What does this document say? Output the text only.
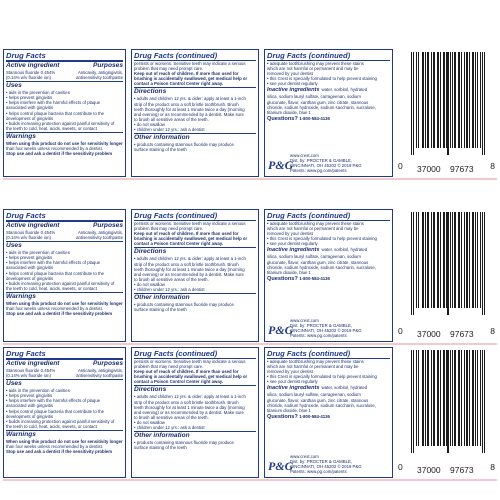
Drug Facts
Active ingredient	Purposes
Stannous fluoride 0.454%	Anticavity, antigingivitis,
(0.14% w/v fluoride ion)	antisensitivity toothpaste
Uses
• aids in the prevention of cavities
• helps prevent gingivitis
• helps interfere with the harmful effects of plaque
associated with gingivitis
• helps control plaque bacteria that contribute to the
development of gingivitis
• builds increasing protection against painful sensitivity of
the teeth to cold, heat, acids, sweets, or contact
Warnings
When using this product do not use for sensitivity longer
than four weeks unless recommended by a dentist.
Stop use and ask a dentist if the sensitivity problem
Drug Facts (continued)
persists or worsens. Sensitive teeth may indicate a serious
problem that may need prompt care.
Keep out of reach of children. If more than used for
brushing is accidentally swallowed, get medical help or
contact a Poison Control Center right away.
Directions
• adults and children 12 yrs. & older: apply at least a 1-inch
strip of the product onto a soft bristle toothbrush. Brush
teeth thoroughly for at least 1 minute twice a day (morning
and evening) or as recommended by a dentist. Make sure
to brush all sensitive areas of the teeth.
• do not swallow
• children under 12 yrs.: ask a dentist
Other information
• products containing stannous fluoride may produce
surface staining of the teeth
Drug Facts (continued)
• adequate toothbrushing may prevent these stains
which are not harmful or permanent and may be
removed by your dentist
• this Crest is specially formulated to help prevent staining
• see your dentist regularly
Inactive ingredients water, sorbitol, hydrated
silica, sodium lauryl sulfate, carrageenan, sodium
gluconate, flavor, xanthan gum, zinc citrate, stannous
chloride, sodium hydroxide, sodium saccharin, sucralose,
titanium dioxide, blue 1
Questions? 1-800-584-4136
P&G
www.crest.com
Dist. by: PROCTER & GAMBLE,
CINCINNATI, OH 45202 © 2019 P&G
Patents: www.pg.com/patents	0 37000 97673 8
Drug Facts
Active ingredient	Purposes
Stannous fluoride 0.454%	Anticavity, antigingivitis,
(0.14% w/v fluoride ion)	antisensitivity toothpaste
Uses
• aids in the prevention of cavities
• helps prevent gingivitis
• helps interfere with the harmful effects of plaque
associated with gingivitis
• helps control plaque bacteria that contribute to the
development of gingivitis
• builds increasing protection against painful sensitivity of
the teeth to cold, heat, acids, sweets, or contact
Warnings
When using this product do not use for sensitivity longer
than four weeks unless recommended by a dentist.
Stop use and ask a dentist if the sensitivity problem
Drug Facts (continued)
persists or worsens. Sensitive teeth may indicate a serious
problem that may need prompt care.
Keep out of reach of children. If more than used for
brushing is accidentally swallowed, get medical help or
contact a Poison Control Center right away.
Directions
• adults and children 12 yrs. & older: apply at least a 1-inch
strip of the product onto a soft bristle toothbrush. Brush
teeth thoroughly for at least 1 minute twice a day (morning
and evening) or as recommended by a dentist. Make sure
to brush all sensitive areas of the teeth.
• do not swallow
• children under 12 yrs.: ask a dentist
Other information
• products containing stannous fluoride may produce
surface staining of the teeth
Drug Facts (continued)
• adequate toothbrushing may prevent these stains
which are not harmful or permanent and may be
removed by your dentist
• this Crest is specially formulated to help prevent staining
• see your dentist regularly
Inactive ingredients water, sorbitol, hydrated
silica, sodium lauryl sulfate, carrageenan, sodium
gluconate, flavor, xanthan gum, zinc citrate, stannous
chloride, sodium hydroxide, sodium saccharin, sucralose,
titanium dioxide, blue 1
Questions? 1-800-584-4136
P&G
www.crest.com
Dist. by: PROCTER & GAMBLE,
CINCINNATI, OH 45202 © 2019 P&G
Patents: www.pg.com/patents	0 37000 97673 8
Drug Facts
Active ingredient	Purposes
Stannous fluoride 0.454%	Anticavity, antigingivitis,
(0.14% w/v fluoride ion)	antisensitivity toothpaste
Uses
• aids in the prevention of cavities
• helps prevent gingivitis
• helps interfere with the harmful effects of plaque
associated with gingivitis
• helps control plaque bacteria that contribute to the
development of gingivitis
• builds increasing protection against painful sensitivity of
the teeth to cold, heat, acids, sweets, or contact
Warnings
When using this product do not use for sensitivity longer
than four weeks unless recommended by a dentist.
Stop use and ask a dentist if the sensitivity problem
Drug Facts (continued)
persists or worsens. Sensitive teeth may indicate a serious
problem that may need prompt care.
Keep out of reach of children. If more than used for
brushing is accidentally swallowed, get medical help or
contact a Poison Control Center right away.
Directions
• adults and children 12 yrs. & older: apply at least a 1-inch
strip of the product onto a soft bristle toothbrush. Brush
teeth thoroughly for at least 1 minute twice a day (morning
and evening) or as recommended by a dentist. Make sure
to brush all sensitive areas of the teeth.
• do not swallow
• children under 12 yrs.: ask a dentist
Other information
• products containing stannous fluoride may produce
surface staining of the teeth
Drug Facts (continued)
• adequate toothbrushing may prevent these stains
which are not harmful or permanent and may be
removed by your dentist
• this Crest is specially formulated to help prevent staining
• see your dentist regularly
Inactive ingredients water, sorbitol, hydrated
silica, sodium lauryl sulfate, carrageenan, sodium
gluconate, flavor, xanthan gum, zinc citrate, stannous
chloride, sodium hydroxide, sodium saccharin, sucralose,
titanium dioxide, blue 1
Questions? 1-800-584-4136
P&G
www.crest.com
Dist. by: PROCTER & GAMBLE,
CINCINNATI, OH 45202 © 2019 P&G
Patents: www.pg.com/patents	0 37000 97673 8
